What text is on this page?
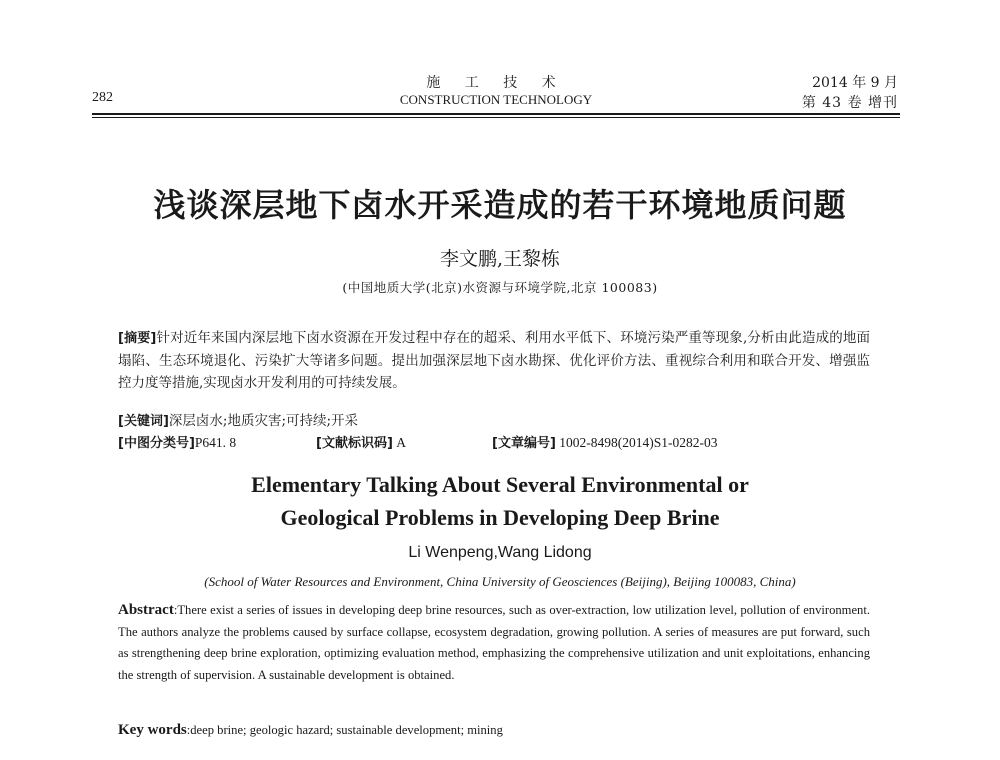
282
施 工 技 术
CONSTRUCTION TECHNOLOGY
2014 年 9 月
第 43 卷 增刊
浅谈深层地下卤水开采造成的若干环境地质问题
李文鹏,王黎栋
(中国地质大学(北京)水资源与环境学院,北京 100083)
[摘要]针对近年来国内深层地下卤水资源在开发过程中存在的超采、利用水平低下、环境污染严重等现象,分析由此造成的地面塌陷、生态环境退化、污染扩大等诸多问题。提出加强深层地下卤水勘探、优化评价方法、重视综合利用和联合开发、增强监控力度等措施,实现卤水开发利用的可持续发展。
[关键词]深层卤水;地质灾害;可持续;开采
[中图分类号]P641. 8	[文献标识码] A	[文章编号] 1002-8498(2014)S1-0282-03
Elementary Talking About Several Environmental or
Geological Problems in Developing Deep Brine
Li Wenpeng,Wang Lidong
(School of Water Resources and Environment, China University of Geosciences (Beijing), Beijing 100083, China)
Abstract:There exist a series of issues in developing deep brine resources, such as over-extraction, low utilization level, pollution of environment. The authors analyze the problems caused by surface collapse, ecosystem degradation, growing pollution. A series of measures are put forward, such as strengthening deep brine exploration, optimizing evaluation method, emphasizing the comprehensive utilization and unit exploitations, enhancing the strength of supervision. A sustainable development is obtained.
Key words:deep brine; geologic hazard; sustainable development; mining
